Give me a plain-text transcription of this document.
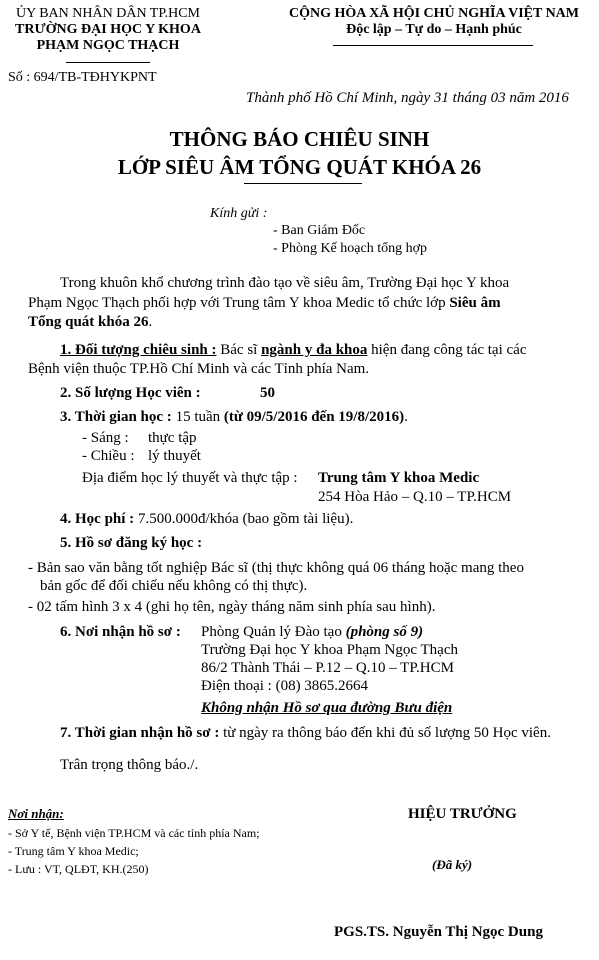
ỦY BAN NHÂN DÂN TP.HCM
TRƯỜNG ĐẠI HỌC Y KHOA
PHẠM NGỌC THẠCH
Số : 694/TB-TĐHYKPNT
CỘNG HÒA XÃ HỘI CHỦ NGHĨA VIỆT NAM
Độc lập – Tự do – Hạnh phúc
Thành phố Hồ Chí Minh, ngày 31 tháng 03 năm 2016
THÔNG BÁO CHIÊU SINH
LỚP SIÊU ÂM TỔNG QUÁT KHÓA 26
Kính gửi :
- Ban Giám Đốc
- Phòng Kế hoạch tổng hợp
Trong khuôn khổ chương trình đào tạo về siêu âm, Trường Đại học Y khoa
Phạm Ngọc Thạch phối hợp với Trung tâm Y khoa Medic tổ chức lớp Siêu âm
Tổng quát khóa 26.
1. Đối tượng chiêu sinh : Bác sĩ ngành y đa khoa hiện đang công tác tại các
Bệnh viện thuộc TP.Hồ Chí Minh và các Tỉnh phía Nam.
2. Số lượng Học viên :	50
3. Thời gian học : 15 tuần (từ 09/5/2016 đến 19/8/2016).
- Sáng : thực tập
- Chiều : lý thuyết
Địa điểm học lý thuyết và thực tập : Trung tâm Y khoa Medic
254 Hòa Hảo – Q.10 – TP.HCM
4. Học phí : 7.500.000đ/khóa (bao gồm tài liệu).
5. Hồ sơ đăng ký học :
- Bản sao văn bằng tốt nghiệp Bác sĩ (thị thực không quá 06 tháng hoặc mang theo
bản gốc để đối chiếu nếu không có thị thực).
- 02 tấm hình 3 x 4 (ghi họ tên, ngày tháng năm sinh phía sau hình).
6. Nơi nhận hồ sơ : Phòng Quản lý Đào tạo (phòng số 9)
Trường Đại học Y khoa Phạm Ngọc Thạch
86/2 Thành Thái – P.12 – Q.10 – TP.HCM
Điện thoại : (08) 3865.2664
Không nhận Hồ sơ qua đường Bưu điện
7. Thời gian nhận hồ sơ : từ ngày ra thông báo đến khi đủ số lượng 50 Học viên.
Trân trọng thông báo./.
Nơi nhận:
- Sở Y tế, Bệnh viện TP.HCM và các tỉnh phía Nam;
- Trung tâm Y khoa Medic;
- Lưu : VT, QLĐT, KH.(250)
HIỆU TRƯỞNG
(Đã ký)
PGS.TS. Nguyễn Thị Ngọc Dung
